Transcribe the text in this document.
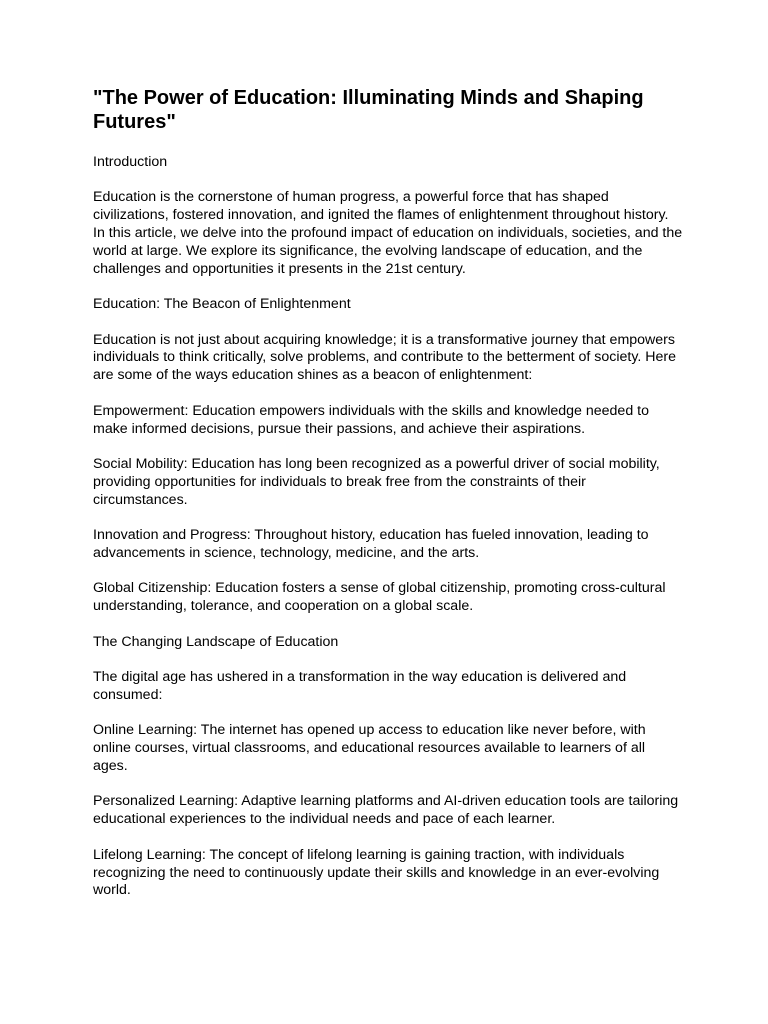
"The Power of Education: Illuminating Minds and Shaping Futures"

Introduction

Education is the cornerstone of human progress, a powerful force that has shaped civilizations, fostered innovation, and ignited the flames of enlightenment throughout history. In this article, we delve into the profound impact of education on individuals, societies, and the world at large. We explore its significance, the evolving landscape of education, and the challenges and opportunities it presents in the 21st century.

Education: The Beacon of Enlightenment

Education is not just about acquiring knowledge; it is a transformative journey that empowers individuals to think critically, solve problems, and contribute to the betterment of society. Here are some of the ways education shines as a beacon of enlightenment:

Empowerment: Education empowers individuals with the skills and knowledge needed to make informed decisions, pursue their passions, and achieve their aspirations.

Social Mobility: Education has long been recognized as a powerful driver of social mobility, providing opportunities for individuals to break free from the constraints of their circumstances.

Innovation and Progress: Throughout history, education has fueled innovation, leading to advancements in science, technology, medicine, and the arts.

Global Citizenship: Education fosters a sense of global citizenship, promoting cross-cultural understanding, tolerance, and cooperation on a global scale.

The Changing Landscape of Education

The digital age has ushered in a transformation in the way education is delivered and consumed:

Online Learning: The internet has opened up access to education like never before, with online courses, virtual classrooms, and educational resources available to learners of all ages.

Personalized Learning: Adaptive learning platforms and AI-driven education tools are tailoring educational experiences to the individual needs and pace of each learner.

Lifelong Learning: The concept of lifelong learning is gaining traction, with individuals recognizing the need to continuously update their skills and knowledge in an ever-evolving world.
